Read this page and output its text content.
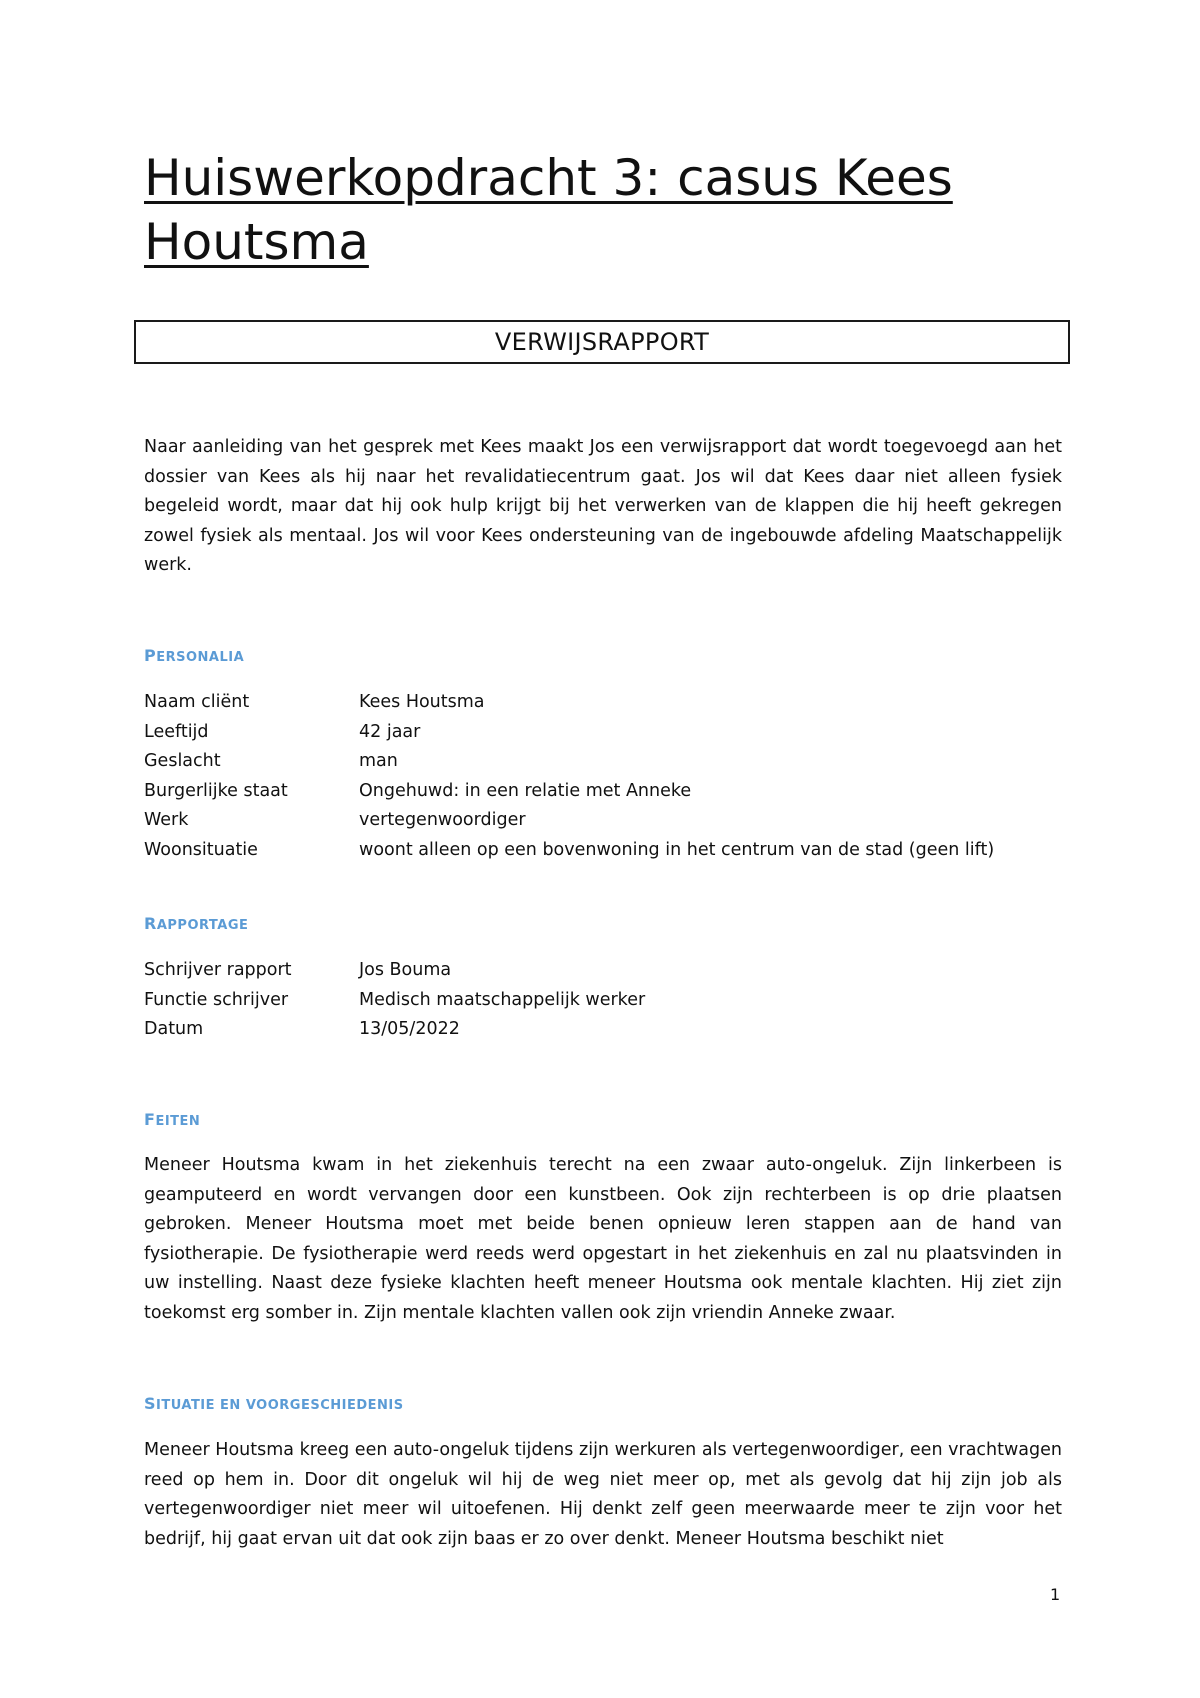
Huiswerkopdracht 3: casus Kees Houtsma
VERWIJSRAPPORT

Naar aanleiding van het gesprek met Kees maakt Jos een verwijsrapport dat wordt toegevoegd aan het dossier van Kees als hij naar het revalidatiecentrum gaat. Jos wil dat Kees daar niet alleen fysiek begeleid wordt, maar dat hij ook hulp krijgt bij het verwerken van de klappen die hij heeft gekregen zowel fysiek als mentaal. Jos wil voor Kees ondersteuning van de ingebouwde afdeling Maatschappelijk werk.

PERSONALIA
Naam cliënt	Kees Houtsma
Leeftijd	42 jaar
Geslacht	man
Burgerlijke staat	Ongehuwd: in een relatie met Anneke
Werk	vertegenwoordiger
Woonsituatie	woont alleen op een bovenwoning in het centrum van de stad (geen lift)
RAPPORTAGE
Schrijver rapport	Jos Bouma
Functie schrijver	Medisch maatschappelijk werker
Datum	13/05/2022
FEITEN

Meneer Houtsma kwam in het ziekenhuis terecht na een zwaar auto-ongeluk. Zijn linkerbeen is geamputeerd en wordt vervangen door een kunstbeen. Ook zijn rechterbeen is op drie plaatsen gebroken. Meneer Houtsma moet met beide benen opnieuw leren stappen aan de hand van fysiotherapie. De fysiotherapie werd reeds werd opgestart in het ziekenhuis en zal nu plaatsvinden in uw instelling. Naast deze fysieke klachten heeft meneer Houtsma ook mentale klachten. Hij ziet zijn toekomst erg somber in. Zijn mentale klachten vallen ook zijn vriendin Anneke zwaar.

SITUATIE EN VOORGESCHIEDENIS

Meneer Houtsma kreeg een auto-ongeluk tijdens zijn werkuren als vertegenwoordiger, een vrachtwagen reed op hem in. Door dit ongeluk wil hij de weg niet meer op, met als gevolg dat hij zijn job als vertegenwoordiger niet meer wil uitoefenen. Hij denkt zelf geen meerwaarde meer te zijn voor het bedrijf, hij gaat ervan uit dat ook zijn baas er zo over denkt. Meneer Houtsma beschikt niet

1
